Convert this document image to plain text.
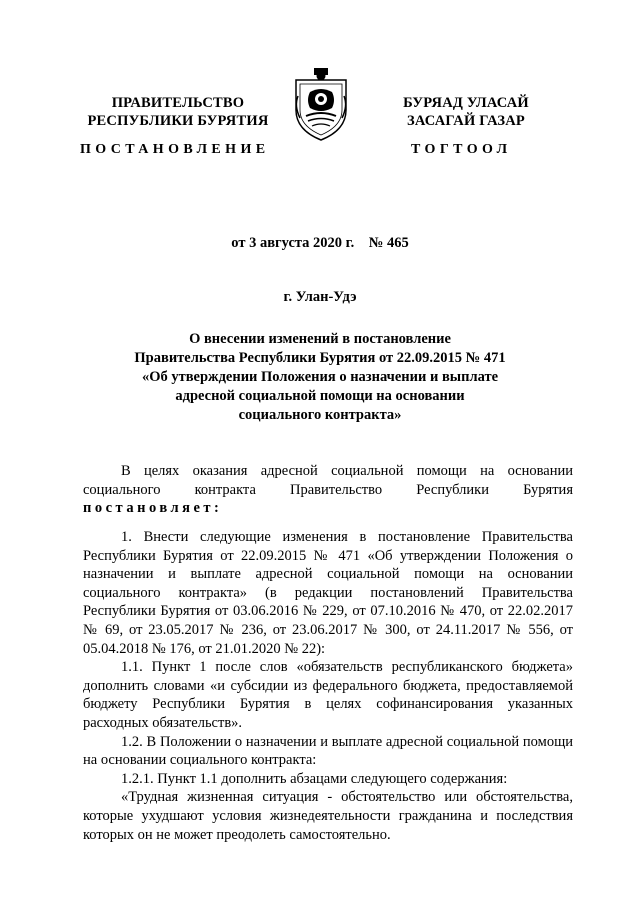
ПРАВИТЕЛЬСТВО
РЕСПУБЛИКИ БУРЯТИЯ
БУРЯАД УЛАСАЙ
ЗАСАГАЙ ГАЗАР
ПОСТАНОВЛЕНИЕ	ТОГТООЛ
от 3 августа 2020 г.    № 465
г. Улан-Удэ
О внесении изменений в постановление
Правительства Республики Бурятия от 22.09.2015 № 471
«Об утверждении Положения о назначении и выплате
адресной социальной помощи на основании
социального контракта»

В целях оказания адресной социальной помощи на основании социального контракта Правительство Республики Бурятия постановляет:

1. Внести следующие изменения в постановление Правительства Республики Бурятия от 22.09.2015 № 471 «Об утверждении Положения о назначении и выплате адресной социальной помощи на основании социального контракта» (в редакции постановлений Правительства Республики Бурятия от 03.06.2016 № 229, от 07.10.2016 № 470, от 22.02.2017 № 69, от 23.05.2017 № 236, от 23.06.2017 № 300, от 24.11.2017 № 556, от 05.04.2018 № 176, от 21.01.2020 № 22):

1.1. Пункт 1 после слов «обязательств республиканского бюджета» дополнить словами «и субсидии из федерального бюджета, предоставляемой бюджету Республики Бурятия в целях софинансирования указанных расходных обязательств».

1.2. В Положении о назначении и выплате адресной социальной помощи на основании социального контракта:

1.2.1. Пункт 1.1 дополнить абзацами следующего содержания:

«Трудная жизненная ситуация - обстоятельство или обстоятельства, которые ухудшают условия жизнедеятельности гражданина и последствия которых он не может преодолеть самостоятельно.
